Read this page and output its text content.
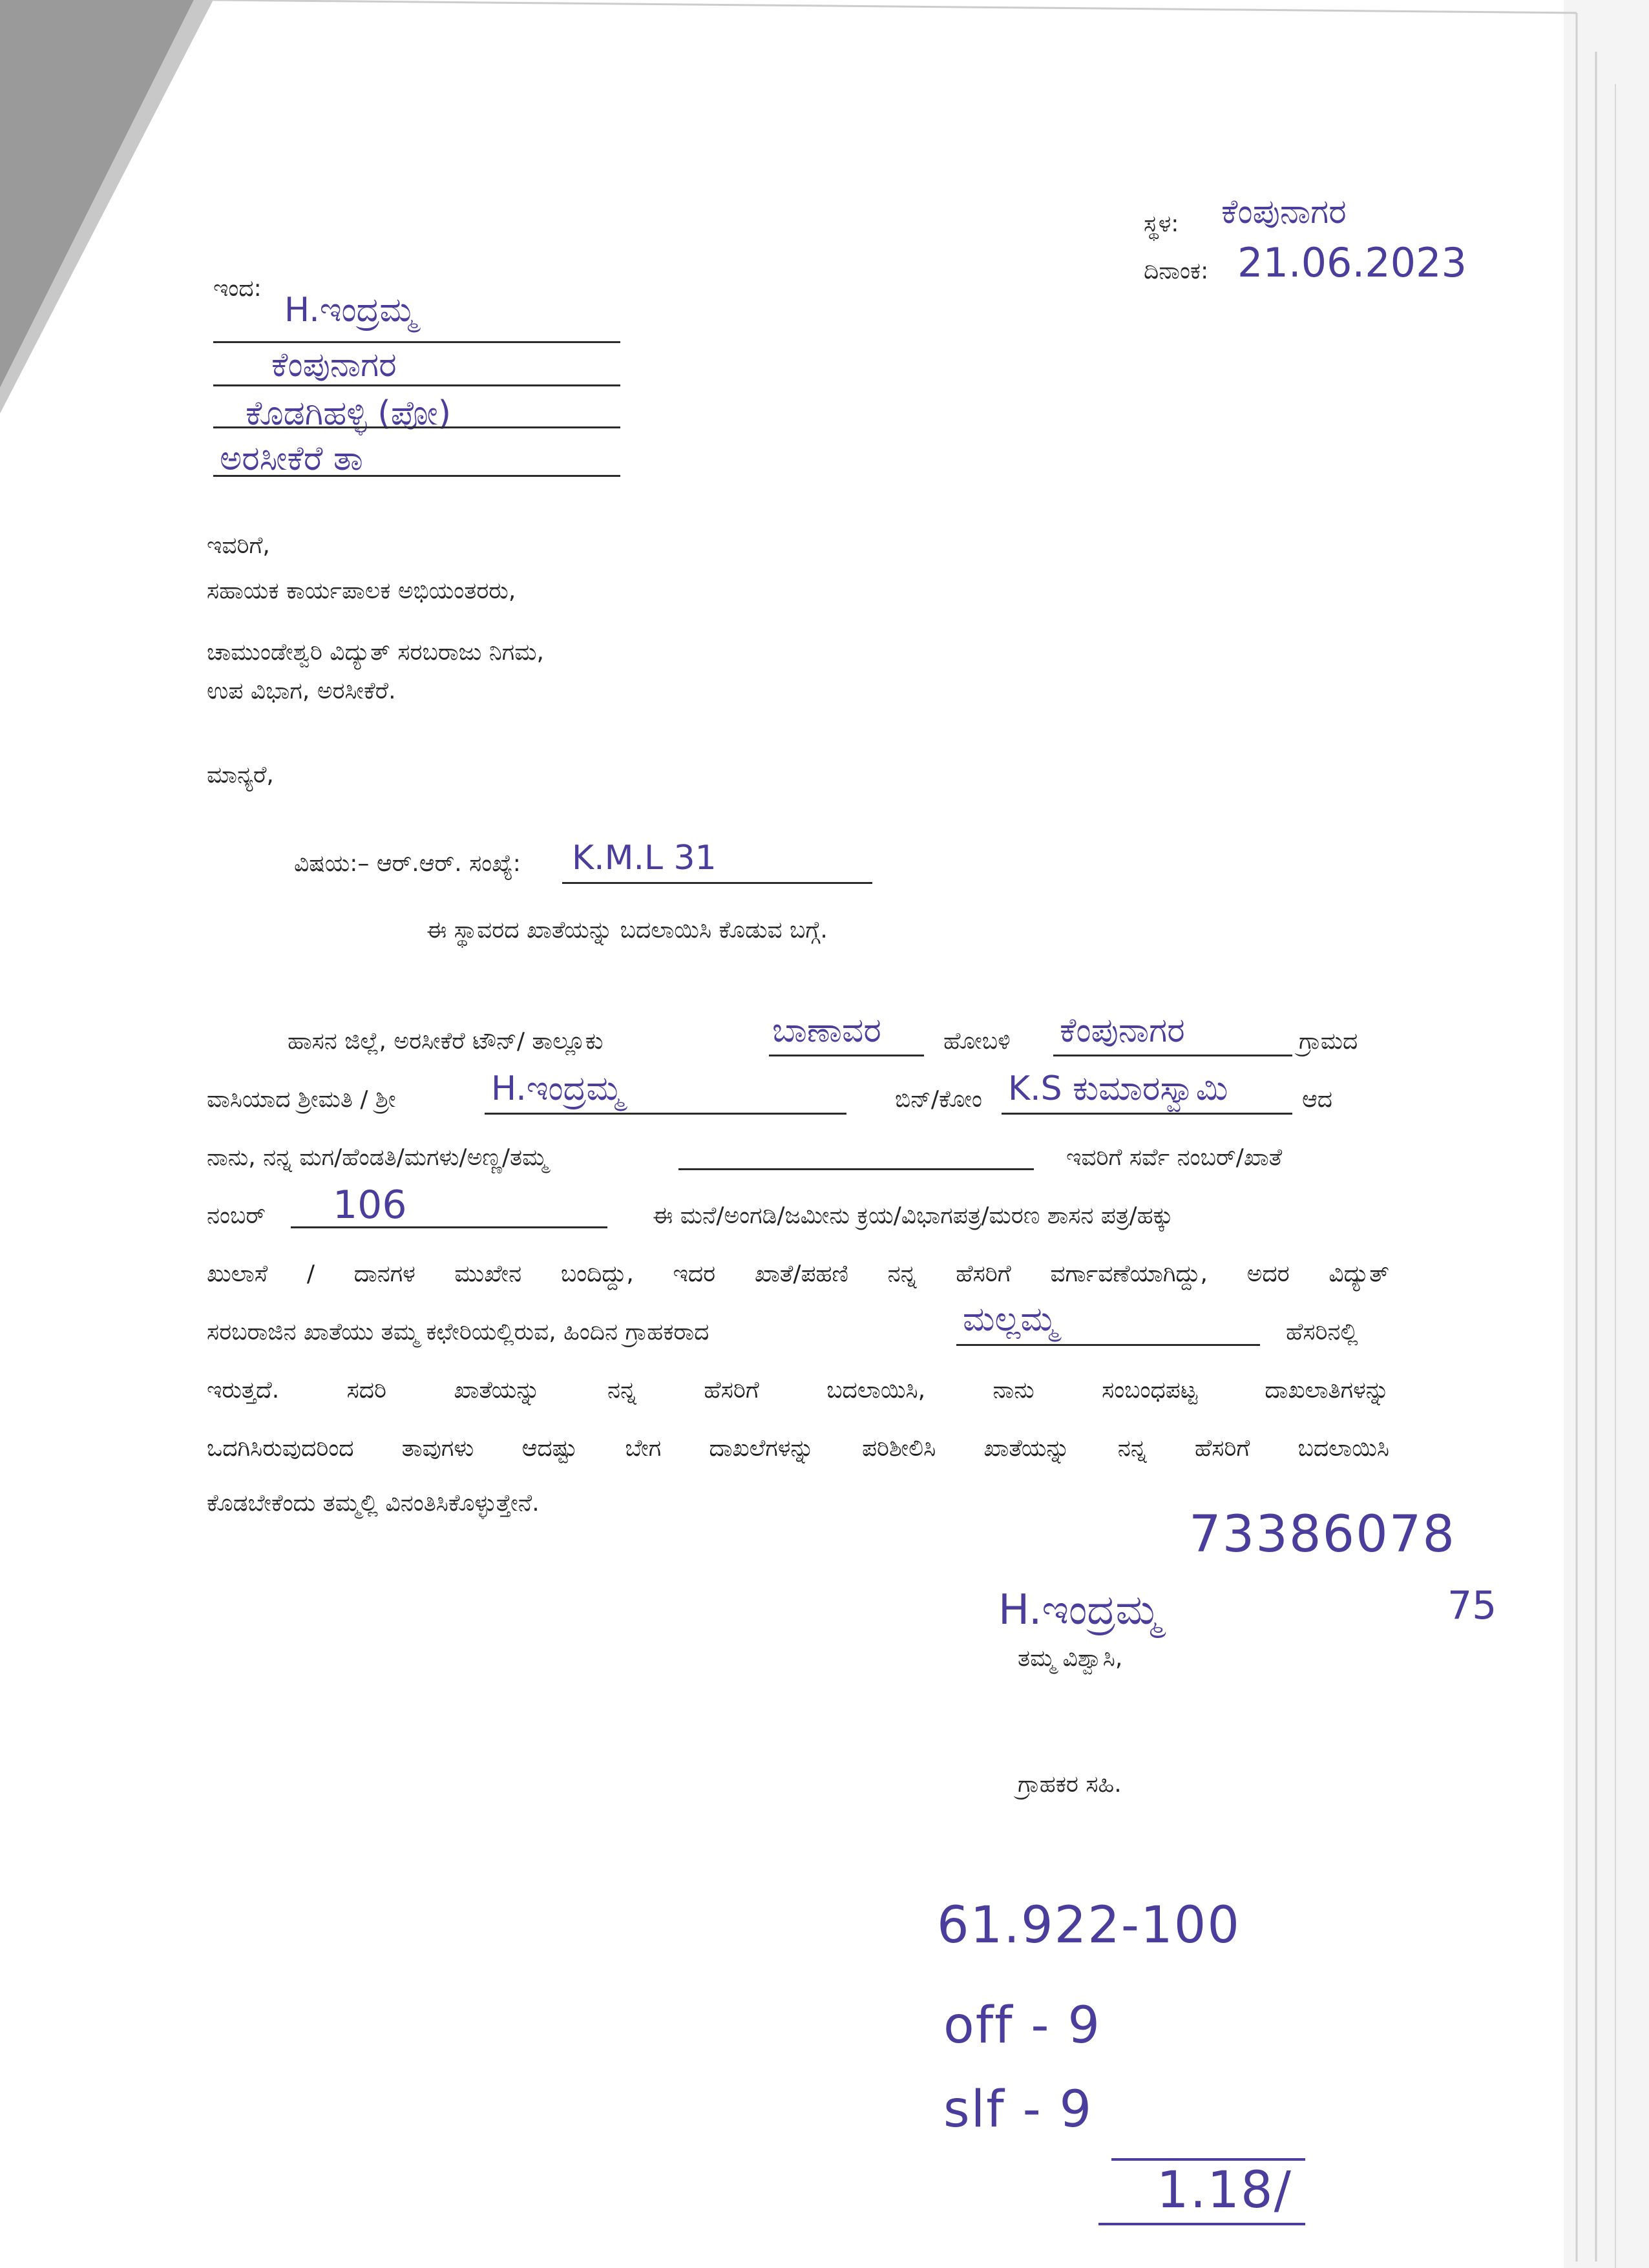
ಸ್ಥಳ: ಕೆಂಪುನಾಗರ
ದಿನಾಂಕ: 21.06.2023
ಇಂದ:
H.ಇಂದ್ರಮ್ಮ
ಕೆಂಪುನಾಗರ
ಕೊಡಗಿಹಳ್ಳಿ (ಪೋ)
ಅರಸೀಕೆರೆ ತಾ
ಇವರಿಗೆ,
ಸಹಾಯಕ ಕಾರ್ಯಪಾಲಕ ಅಭಿಯಂತರರು,
ಚಾಮುಂಡೇಶ್ವರಿ ವಿದ್ಯುತ್ ಸರಬರಾಜು ನಿಗಮ,
ಉಪ ವಿಭಾಗ, ಅರಸೀಕೆರೆ.
ಮಾನ್ಯರೆ,
ವಿಷಯ:– ಆರ್.ಆರ್. ಸಂಖ್ಯೆ: K.M.L 31
ಈ ಸ್ಥಾವರದ ಖಾತೆಯನ್ನು ಬದಲಾಯಿಸಿ ಕೊಡುವ ಬಗ್ಗೆ.
ಹಾಸನ ಜಿಲ್ಲೆ, ಅರಸೀಕೆರೆ ಟೌನ್/ ತಾಲ್ಲೂಕು	ಬಾಣಾವರ	ಹೋಬಳಿ ಕೆಂಪುನಾಗರ	ಗ್ರಾಮದ
ವಾಸಿಯಾದ ಶ್ರೀಮತಿ / ಶ್ರೀ	H.ಇಂದ್ರಮ್ಮ	ಬಿನ್/ಕೋಂ K.S ಕುಮಾರಸ್ವಾಮಿ	ಆದ
ನಾನು, ನನ್ನ ಮಗ/ಹೆಂಡತಿ/ಮಗಳು/ಅಣ್ಣ/ತಮ್ಮ	ಇವರಿಗೆ ಸರ್ವೆ ನಂಬರ್/ಖಾತೆ
ನಂಬರ್ 106	ಈ ಮನೆ/ಅಂಗಡಿ/ಜಮೀನು ಕ್ರಯ/ವಿಭಾಗಪತ್ರ/ಮರಣ ಶಾಸನ ಪತ್ರ/ಹಕ್ಕು
ಖುಲಾಸೆ / ದಾನಗಳ ಮುಖೇನ ಬಂದಿದ್ದು, ಇದರ ಖಾತೆ/ಪಹಣಿ ನನ್ನ ಹೆಸರಿಗೆ ವರ್ಗಾವಣೆಯಾಗಿದ್ದು, ಅದರ ವಿದ್ಯುತ್
ಸರಬರಾಜಿನ ಖಾತೆಯು ತಮ್ಮ ಕಛೇರಿಯಲ್ಲಿರುವ, ಹಿಂದಿನ ಗ್ರಾಹಕರಾದ	ಮಲ್ಲಮ್ಮ	ಹೆಸರಿನಲ್ಲಿ
ಇರುತ್ತದೆ. ಸದರಿ ಖಾತೆಯನ್ನು ನನ್ನ ಹೆಸರಿಗೆ ಬದಲಾಯಿಸಿ, ನಾನು ಸಂಬಂಧಪಟ್ಟ ದಾಖಲಾತಿಗಳನ್ನು
ಒದಗಿಸಿರುವುದರಿಂದ ತಾವುಗಳು ಆದಷ್ಟು ಬೇಗ ದಾಖಲೆಗಳನ್ನು ಪರಿಶೀಲಿಸಿ ಖಾತೆಯನ್ನು ನನ್ನ ಹೆಸರಿಗೆ ಬದಲಾಯಿಸಿ
ಕೊಡಬೇಕೆಂದು ತಮ್ಮಲ್ಲಿ ವಿನಂತಿಸಿಕೊಳ್ಳುತ್ತೇನೆ.
73386078
75
H.ಇಂದ್ರಮ್ಮ
ತಮ್ಮ ವಿಶ್ವಾಸಿ,
ಗ್ರಾಹಕರ ಸಹಿ.
61.922-100
off - 9
slf - 9
1.18/
